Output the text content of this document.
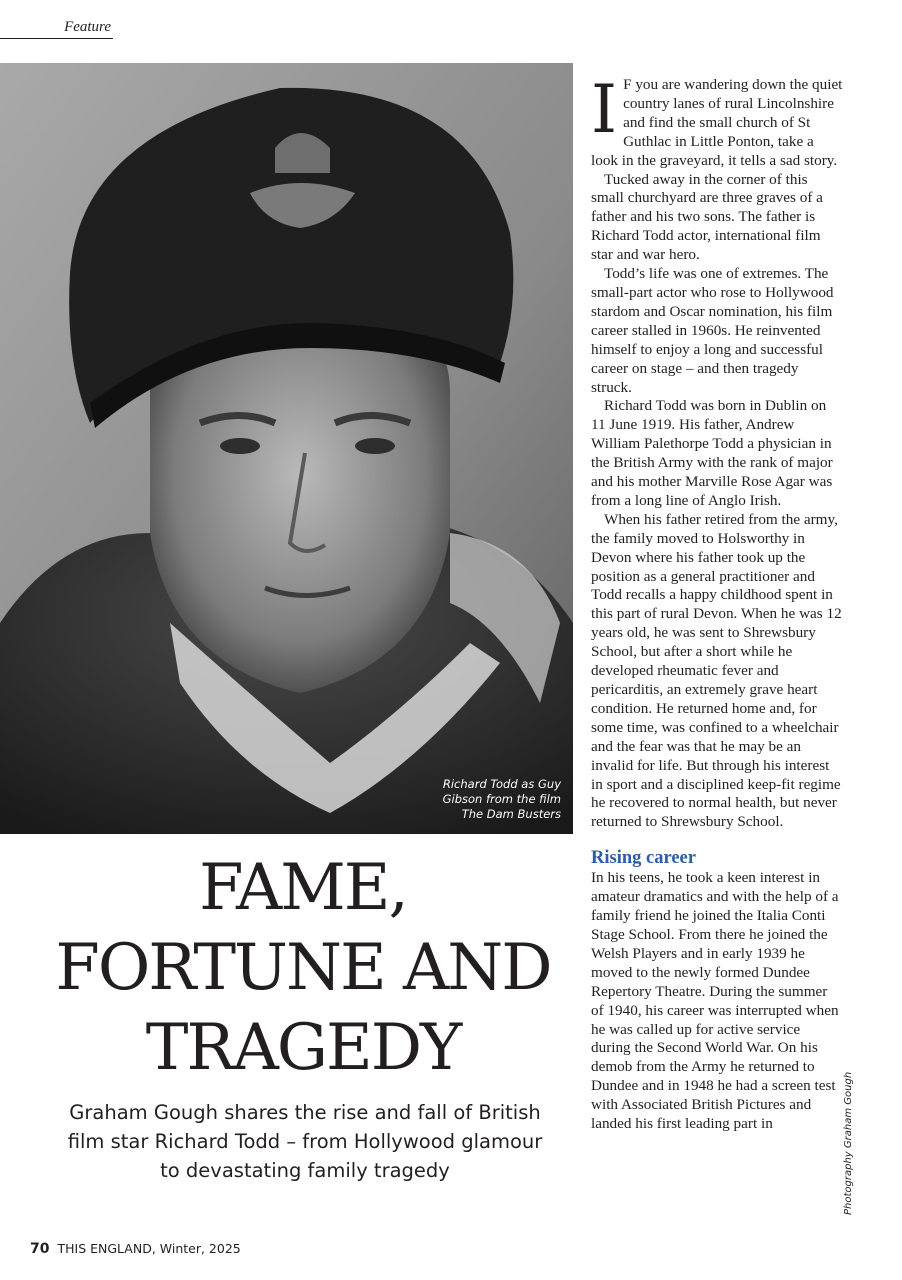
Feature
Richard Todd as Guy
Gibson from the film
The Dam Busters
FAME,
FORTUNE AND
TRAGEDY
Graham Gough shares the rise and fall of British
film star Richard Todd – from Hollywood glamour
to devastating family tragedy

I F you are wandering down the quiet country lanes of rural Lincolnshire and find the small church of St Guthlac in Little Ponton, take a look in the graveyard, it tells a sad story.

Tucked away in the corner of this small churchyard are three graves of a father and his two sons. The father is Richard Todd actor, international film star and war hero.

Todd’s life was one of extremes. The small-part actor who rose to Hollywood stardom and Oscar nomination, his film career stalled in 1960s. He reinvented himself to enjoy a long and successful career on stage – and then tragedy struck.

Richard Todd was born in Dublin on 11 June 1919. His father, Andrew William Palethorpe Todd a physician in the British Army with the rank of major and his mother Marville Rose Agar was from a long line of Anglo Irish.

When his father retired from the army, the family moved to Holsworthy in Devon where his father took up the position as a general practitioner and Todd recalls a happy childhood spent in this part of rural Devon. When he was 12 years old, he was sent to Shrewsbury School, but after a short while he developed rheumatic fever and pericarditis, an extremely grave heart condition. He returned home and, for some time, was confined to a wheelchair and the fear was that he may be an invalid for life. But through his interest in sport and a disciplined keep-fit regime he recovered to normal health, but never returned to Shrewsbury School.

Rising career

In his teens, he took a keen interest in amateur dramatics and with the help of a family friend he joined the Italia Conti Stage School. From there he joined the Welsh Players and in early 1939 he moved to the newly formed Dundee Repertory Theatre. During the summer of 1940, his career was interrupted when he was called up for active service during the Second World War. On his demob from the Army he returned to Dundee and in 1948 he had a screen test with Associated British Pictures and landed his first leading part in	Photography Graham Gough
70 THIS ENGLAND, Winter, 2025
